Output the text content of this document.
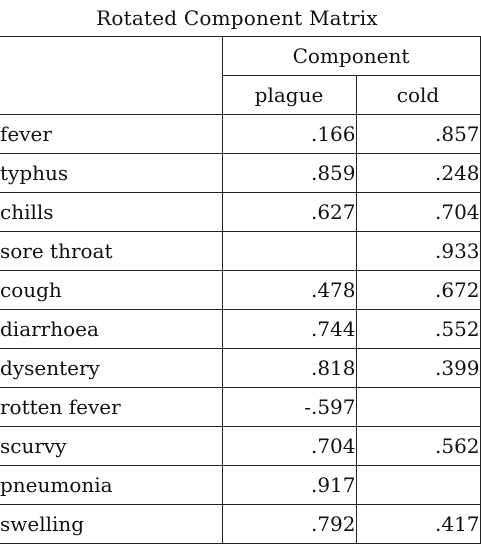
Rotated Component Matrix
	Component	
	plague	cold
fever	.166	.857
typhus	.859	.248
chills	.627	.704
sore throat		.933
cough	.478	.672
diarrhoea	.744	.552
dysentery	.818	.399
rotten fever	-.597	
scurvy	.704	.562
pneumonia	.917	
swelling	.792	.417
